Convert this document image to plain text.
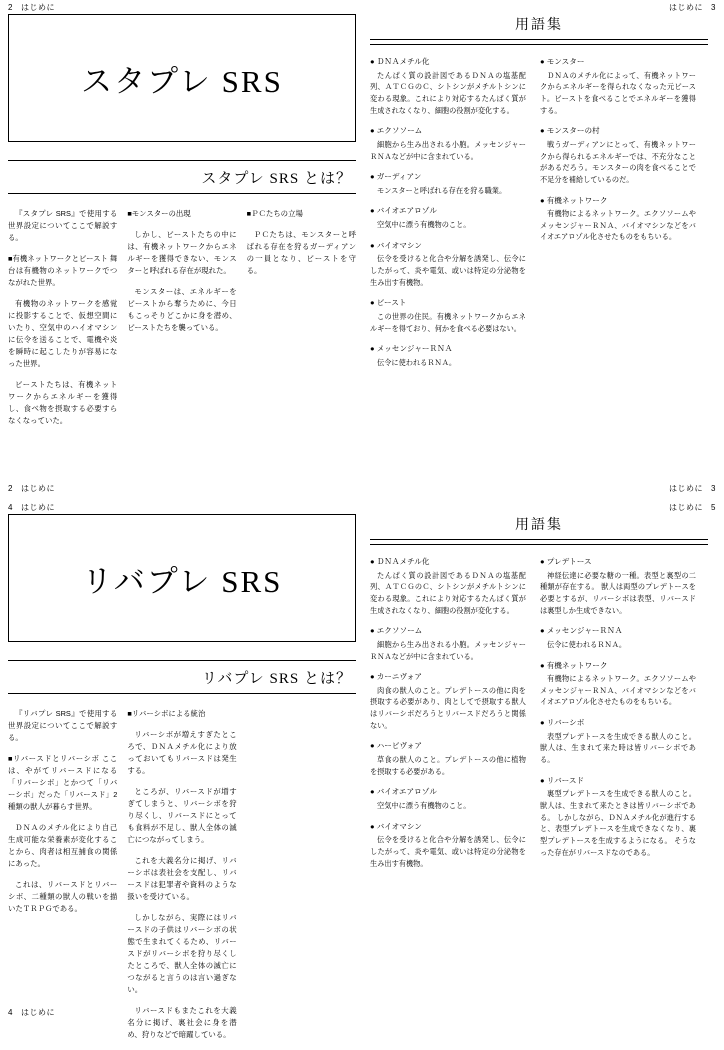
2 はじめに	はじめに 3
スタプレ SRS
スタプレ SRS とは？

『スタプレ SRS』で使用する世界設定についてここで解説する。

■有機ネットワークとビースト 舞台は有機物のネットワークでつながれた世界。

有機物のネットワークを感覚に投影することで、仮想空間にいたり、空気中のハイオマシンに伝令を送ることで、電機や炎を瞬時に起こしたりが容易になった世界。

ビーストたちは、有機ネットワークからエネルギーを獲得し、食べ物を摂取する必要すらなくなっていた。

■モンスターの出現

しかし、ビーストたちの中には、有機ネットワークからエネルギーを獲得できない、モンスターと呼ばれる存在が現れた。

モンスターは、エネルギーをビーストから奪うために、今日もこっそりどこかに身を潜め、ビーストたちを襲っている。

■ＰＣたちの立場

ＰＣたちは、モンスターと呼ばれる存在を狩るガーディアンの一員となり、ビーストを守る。

用語集

● ＤＮＡメチル化

たんぱく質の設計図であるＤＮＡの塩基配列、ＡＴＣＧのＣ、シトシンがメチルトシンに変わる現象。これにより対応するたんぱく質が生成されなくなり、細胞の役割が変化する。

● エクソソーム

細胞から生み出される小胞。メッセンジャーＲＮＡなどが中に含まれている。

● ガーディアン

モンスターと呼ばれる存在を狩る職業。

● バイオエアロゾル

空気中に漂う有機物のこと。

● バイオマシン

伝令を受けると化合や分解を誘発し、伝令にしたがって、炎や電気、或いは特定の分泌物を生み出す有機物。

● ビースト

この世界の住民。有機ネットワークからエネルギーを得ており、何かを食べる必要はない。

● メッセンジャーＲＮＡ

伝令に使われるＲＮＡ。

● モンスター

ＤＮＡのメチル化によって、有機ネットワークからエネルギーを得られなくなった元ビースト。ビーストを食べることでエネルギーを獲得する。

● モンスターの村

戦うガーディアンにとって、有機ネットワークから得られるエネルギーでは、不充分なことがあるだろう。モンスターの肉を食べることで不足分を補給しているのだ。

● 有機ネットワーク

有機物によるネットワーク。エクソソームやメッセンジャーＲＮＡ、バイオマシンなどをバイオエアロゾル化させたものをもちいる。

2 はじめに	はじめに 3
4 はじめに	はじめに 5
リバプレ SRS
リバプレ SRS とは？

『リバプレ SRS』で使用する世界設定についてここで解説する。

■リバースドとリバーシボ ここは、やがてリバースドになる「リバーシボ」とかつて「リバーシボ」だった「リバースド」2種類の獣人が暮らす世界。

ＤＮＡのメチル化により自己生成可能な栄養素が変化することから、肉者は相互捕食の関係にあった。

これは、リバースドとリバーシボ、二種類の獣人の戦いを描いたＴＲＰＧである。

■リバーシボによる統治

リバーシボが増えすぎたところで、ＤＮＡメチル化により放っておいてもリバースドは発生する。

ところが、リバースドが増すぎてしまうと、リバーシボを狩り尽くし、リバースドにとっても食料が不足し、獣人全体の滅亡につながってしまう。

これを大義名分に掲げ、リバーシボは表社会を支配し、リバースドは犯罪者や資料のような扱いを受けている。

しかしながら、実際にはリバースドの子供はリバーシボの状態で生まれてくるため、リバースドがリバーシボを狩り尽くしたところで、獣人全体の滅亡につながると言うのは言い過ぎない。

リバースドもまたこれを大義名分に掲げ、裏社会に身を潜め、狩りなどで暗躍している。

用語集

● ＤＮＡメチル化

たんぱく質の設計図であるＤＮＡの塩基配列、ＡＴＣＧのＣ、シトシンがメチルトシンに変わる現象。これにより対応するたんぱく質が生成されなくなり、細胞の役割が変化する。

● エクソソーム

細胞から生み出される小胞。メッセンジャーＲＮＡなどが中に含まれている。

● カーニヴォア

肉食の獣人のこと。プレデトースの他に肉を摂取する必要があり、肉としてで摂取する獣人はリバーシボだろうとリバースドだろうと関係ない。

● ハービヴォア

草食の獣人のこと。プレデトースの他に植物を摂取する必要がある。

● バイオエアロゾル

空気中に漂う有機物のこと。

● バイオマシン

伝令を受けると化合や分解を誘発し、伝令にしたがって、炎や電気、或いは特定の分泌物を生み出す有機物。

● プレデトース

神経伝達に必要な糖の一種。表型と裏型の二種類が存在する。 獣人は両型のプレデトースを必要とするが、リバーシボは表型、リバースドは裏型しか生成できない。

● メッセンジャーＲＮＡ

伝令に使われるＲＮＡ。

● 有機ネットワーク

有機物によるネットワーク。エクソソームやメッセンジャーＲＮＡ、バイオマシンなどをバイオエアロゾル化させたものをもちいる。

● リバーシボ

表型プレデトースを生成できる獣人のこと。獣人は、生まれて来た時は皆リバーシボである。

● リバースド

裏型プレデトースを生成できる獣人のこと。 獣人は、生まれて来たときは皆リバーシボである。 しかしながら、ＤＮＡメチル化が進行すると、表型プレデトースを生成できなくなり、裏型プレデトースを生成するようになる。 そうなった存在がリバースドなのである。

4 はじめに
